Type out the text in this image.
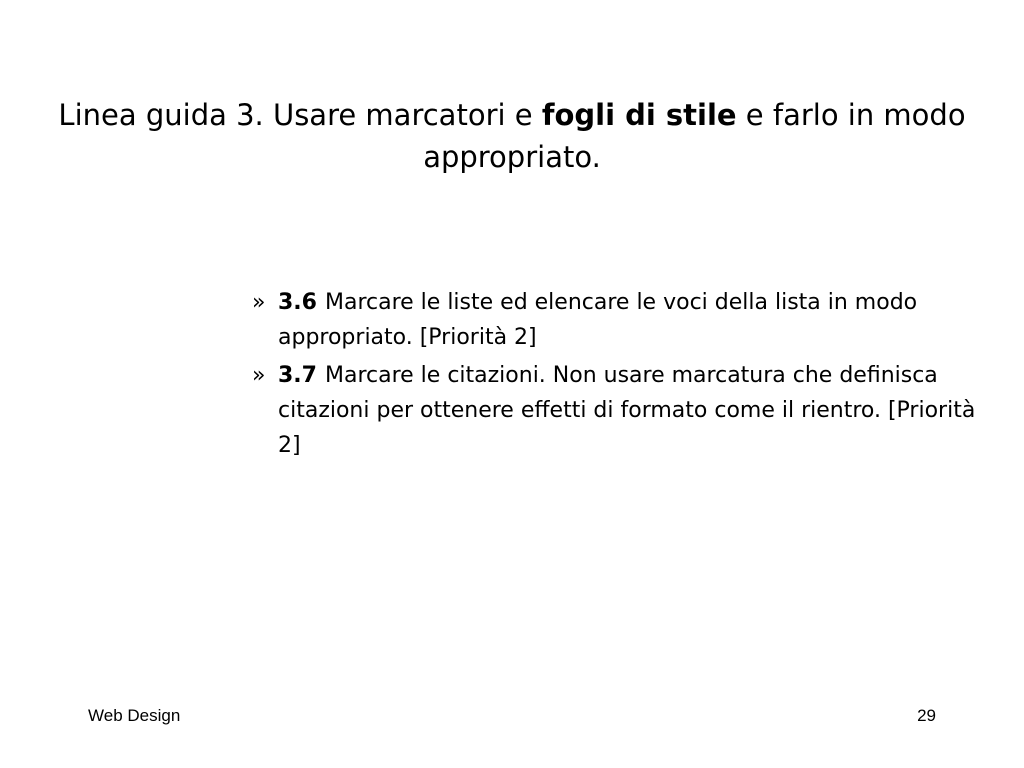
Linea guida 3. Usare marcatori e fogli di stile e farlo in modo appropriato.
» 3.6 Marcare le liste ed elencare le voci della lista in modo appropriato. [Priorità 2]
» 3.7 Marcare le citazioni. Non usare marcatura che definisca citazioni per ottenere effetti di formato come il rientro. [Priorità 2]
Web Design	29
